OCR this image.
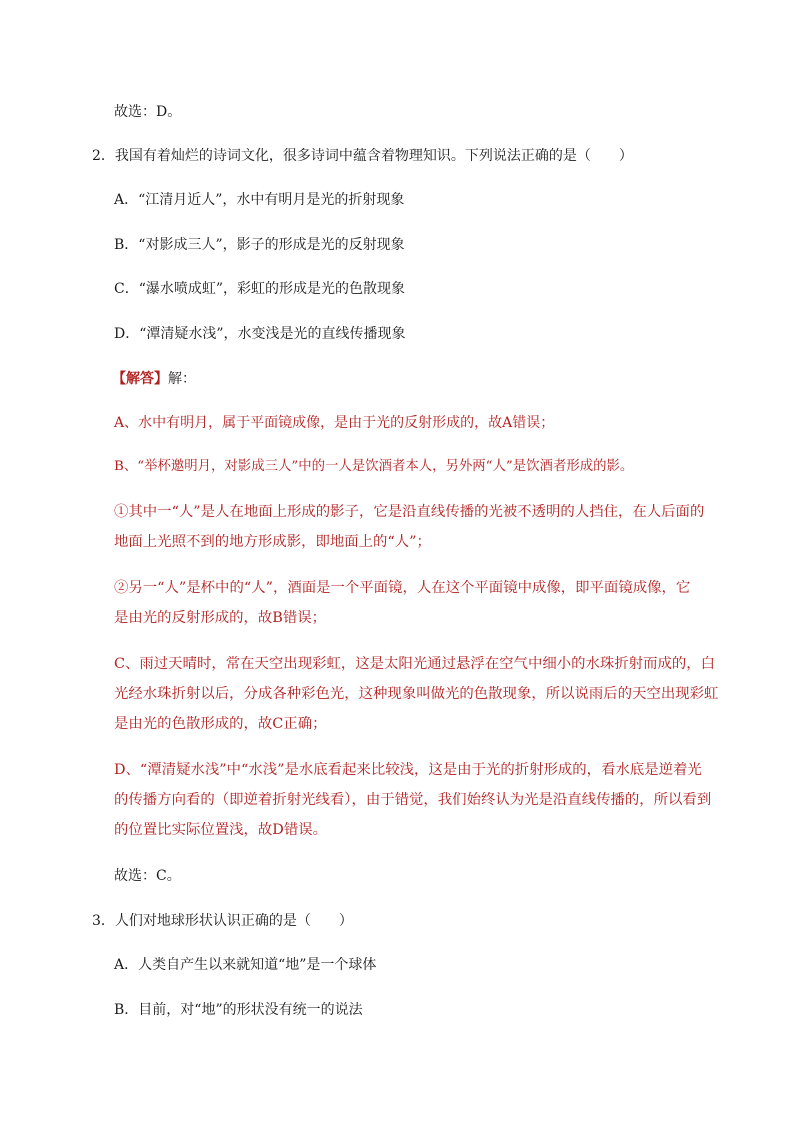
故选：D。
2．我国有着灿烂的诗词文化，很多诗词中蕴含着物理知识。下列说法正确的是（　　）
A．“江清月近人”，水中有明月是光的折射现象
B．“对影成三人”，影子的形成是光的反射现象
C．“瀑水喷成虹”，彩虹的形成是光的色散现象
D．“潭清疑水浅”，水变浅是光的直线传播现象
【解答】解：
A、水中有明月，属于平面镜成像，是由于光的反射形成的，故A错误；
B、“举杯邀明月，对影成三人”中的一人是饮酒者本人，另外两“人”是饮酒者形成的影。
①其中一“人”是人在地面上形成的影子，它是沿直线传播的光被不透明的人挡住，在人后面的
地面上光照不到的地方形成影，即地面上的“人”；
②另一“人”是杯中的“人”，酒面是一个平面镜，人在这个平面镜中成像，即平面镜成像，它
是由光的反射形成的，故B错误；
C、雨过天晴时，常在天空出现彩虹，这是太阳光通过悬浮在空气中细小的水珠折射而成的，白
光经水珠折射以后，分成各种彩色光，这种现象叫做光的色散现象，所以说雨后的天空出现彩虹
是由光的色散形成的，故C正确；
D、“潭清疑水浅”中“水浅”是水底看起来比较浅，这是由于光的折射形成的，看水底是逆着光
的传播方向看的（即逆着折射光线看），由于错觉，我们始终认为光是沿直线传播的，所以看到
的位置比实际位置浅，故D错误。
故选：C。
3．人们对地球形状认识正确的是（　　）
A．人类自产生以来就知道“地”是一个球体
B．目前，对“地”的形状没有统一的说法
